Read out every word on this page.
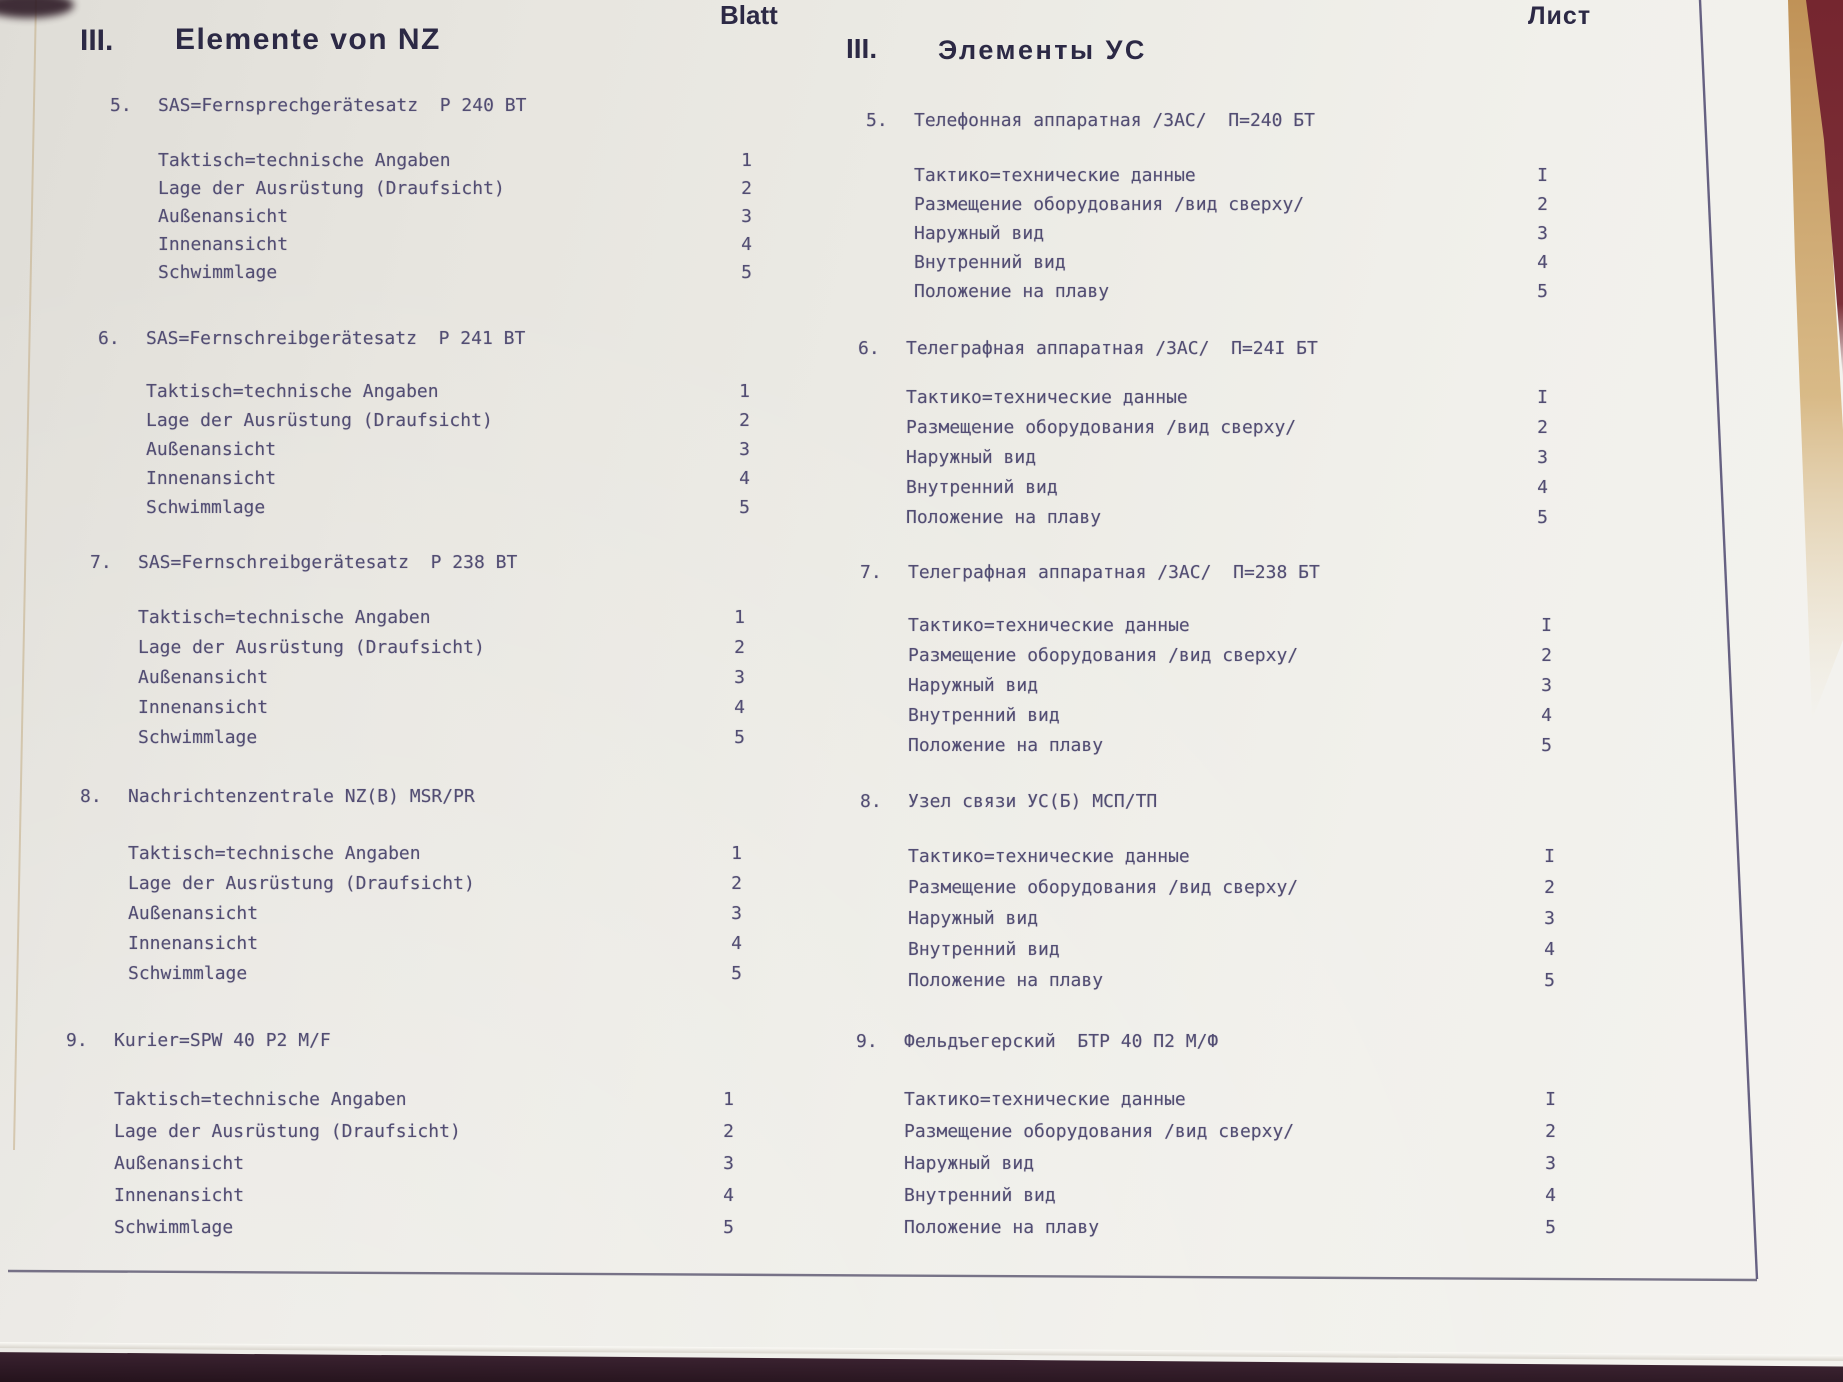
Blatt	Лист
III. Elemente von NZ	III. Элементы УС
5.	SAS=Fernsprechgerätesatz  P 240 BT
Taktisch=technische Angaben	1
Lage der Ausrüstung (Draufsicht)	2
Außenansicht	3
Innenansicht	4
Schwimmlage	5
6.	SAS=Fernschreibgerätesatz  P 241 BT
Taktisch=technische Angaben	1
Lage der Ausrüstung (Draufsicht)	2
Außenansicht	3
Innenansicht	4
Schwimmlage	5
7.	SAS=Fernschreibgerätesatz  P 238 BT
Taktisch=technische Angaben	1
Lage der Ausrüstung (Draufsicht)	2
Außenansicht	3
Innenansicht	4
Schwimmlage	5
8.	Nachrichtenzentrale NZ(B) MSR/PR
Taktisch=technische Angaben	1
Lage der Ausrüstung (Draufsicht)	2
Außenansicht	3
Innenansicht	4
Schwimmlage	5
9.	Kurier=SPW 40 P2 M/F
Taktisch=technische Angaben	1
Lage der Ausrüstung (Draufsicht)	2
Außenansicht	3
Innenansicht	4
Schwimmlage	5
5.	Телефонная аппаратная /ЗАС/  П=240 БТ
Тактико=технические данные	I
Размещение оборудования /вид сверху/	2
Наружный вид	3
Внутренний вид	4
Положение на плаву	5
6.	Телеграфная аппаратная /ЗАС/  П=24I БТ
Тактико=технические данные	I
Размещение оборудования /вид сверху/	2
Наружный вид	3
Внутренний вид	4
Положение на плаву	5
7.	Телеграфная аппаратная /ЗАС/  П=238 БТ
Тактико=технические данные	I
Размещение оборудования /вид сверху/	2
Наружный вид	3
Внутренний вид	4
Положение на плаву	5
8.	Узел связи УС(Б) МСП/ТП
Тактико=технические данные	I
Размещение оборудования /вид сверху/	2
Наружный вид	3
Внутренний вид	4
Положение на плаву	5
9.	Фельдъегерский  БТР 40 П2 М/Ф
Тактико=технические данные	I
Размещение оборудования /вид сверху/	2
Наружный вид	3
Внутренний вид	4
Положение на плаву	5
